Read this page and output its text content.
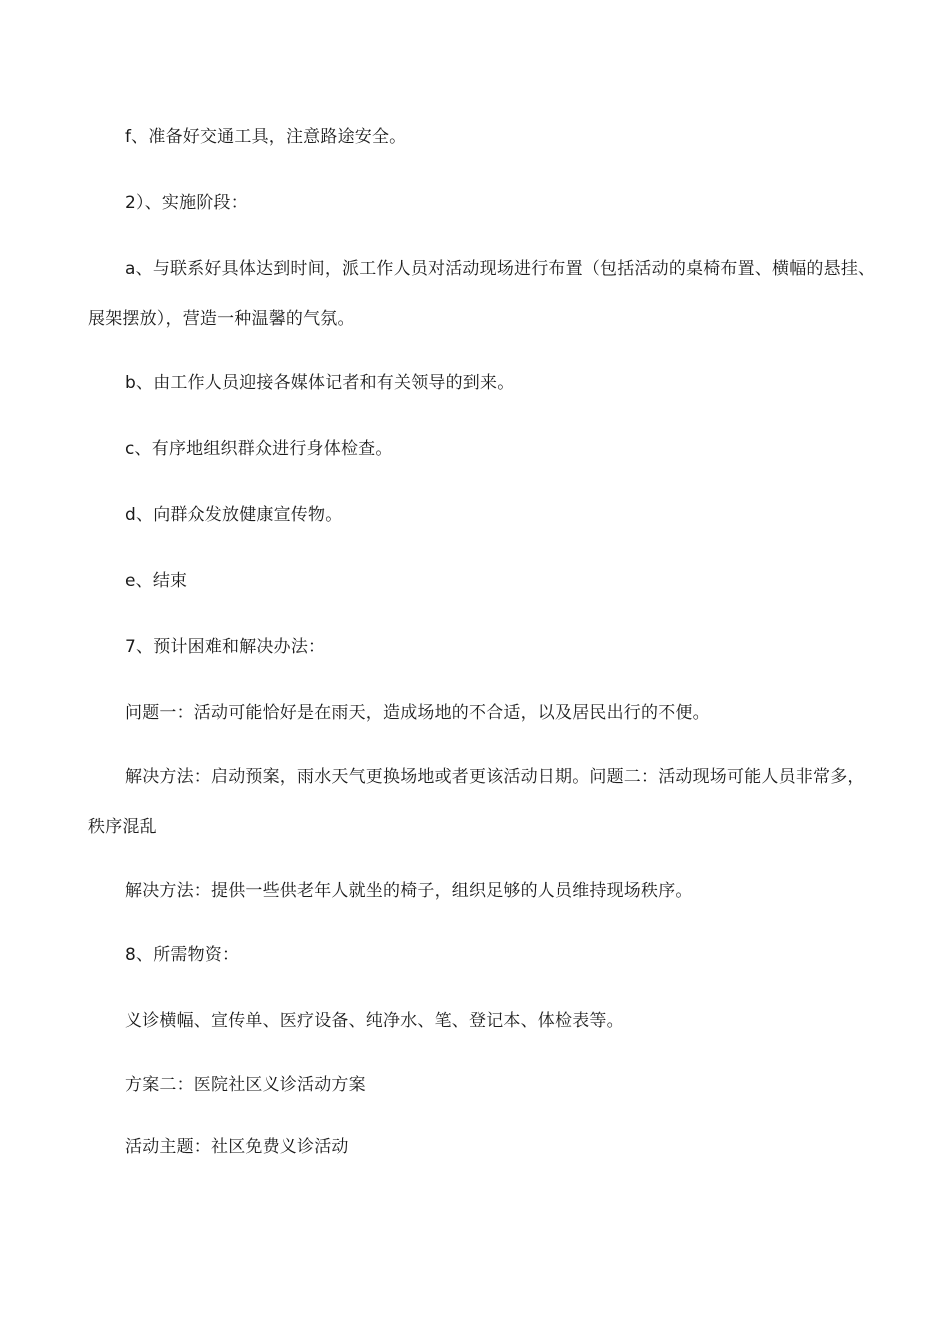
f、准备好交通工具，注意路途安全。

2）、实施阶段：

a、与联系好具体达到时间，派工作人员对活动现场进行布置（包括活动的桌椅布置、横幅的悬挂、展架摆放），营造一种温馨的气氛。

b、由工作人员迎接各媒体记者和有关领导的到来。

c、有序地组织群众进行身体检查。

d、向群众发放健康宣传物。

e、结束

7、预计困难和解决办法：

问题一：活动可能恰好是在雨天，造成场地的不合适，以及居民出行的不便。

解决方法：启动预案，雨水天气更换场地或者更该活动日期。问题二：活动现场可能人员非常多，秩序混乱

解决方法：提供一些供老年人就坐的椅子，组织足够的人员维持现场秩序。

8、所需物资：

义诊横幅、宣传单、医疗设备、纯净水、笔、登记本、体检表等。

方案二：医院社区义诊活动方案

活动主题：社区免费义诊活动
